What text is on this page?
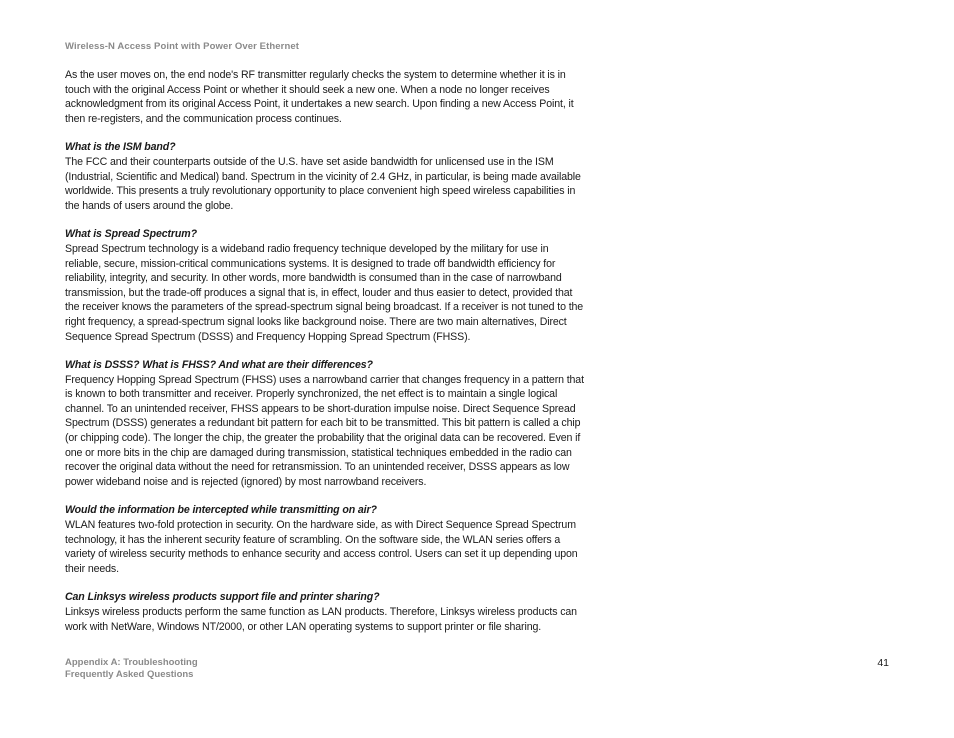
Wireless-N Access Point with Power Over Ethernet

As the user moves on, the end node's RF transmitter regularly checks the system to determine whether it is in touch with the original Access Point or whether it should seek a new one. When a node no longer receives acknowledgment from its original Access Point, it undertakes a new search. Upon finding a new Access Point, it then re-registers, and the communication process continues.

What is the ISM band?

The FCC and their counterparts outside of the U.S. have set aside bandwidth for unlicensed use in the ISM (Industrial, Scientific and Medical) band. Spectrum in the vicinity of 2.4 GHz, in particular, is being made available worldwide. This presents a truly revolutionary opportunity to place convenient high speed wireless capabilities in the hands of users around the globe.

What is Spread Spectrum?

Spread Spectrum technology is a wideband radio frequency technique developed by the military for use in reliable, secure, mission-critical communications systems. It is designed to trade off bandwidth efficiency for reliability, integrity, and security. In other words, more bandwidth is consumed than in the case of narrowband transmission, but the trade-off produces a signal that is, in effect, louder and thus easier to detect, provided that the receiver knows the parameters of the spread-spectrum signal being broadcast. If a receiver is not tuned to the right frequency, a spread-spectrum signal looks like background noise. There are two main alternatives, Direct Sequence Spread Spectrum (DSSS) and Frequency Hopping Spread Spectrum (FHSS).

What is DSSS? What is FHSS? And what are their differences?

Frequency Hopping Spread Spectrum (FHSS) uses a narrowband carrier that changes frequency in a pattern that is known to both transmitter and receiver. Properly synchronized, the net effect is to maintain a single logical channel. To an unintended receiver, FHSS appears to be short-duration impulse noise. Direct Sequence Spread Spectrum (DSSS) generates a redundant bit pattern for each bit to be transmitted. This bit pattern is called a chip (or chipping code). The longer the chip, the greater the probability that the original data can be recovered. Even if one or more bits in the chip are damaged during transmission, statistical techniques embedded in the radio can recover the original data without the need for retransmission. To an unintended receiver, DSSS appears as low power wideband noise and is rejected (ignored) by most narrowband receivers.

Would the information be intercepted while transmitting on air?

WLAN features two-fold protection in security. On the hardware side, as with Direct Sequence Spread Spectrum technology, it has the inherent security feature of scrambling. On the software side, the WLAN series offers a variety of wireless security methods to enhance security and access control. Users can set it up depending upon their needs.

Can Linksys wireless products support file and printer sharing?

Linksys wireless products perform the same function as LAN products. Therefore, Linksys wireless products can work with NetWare, Windows NT/2000, or other LAN operating systems to support printer or file sharing.

Appendix A: Troubleshooting
Frequently Asked Questions
41
